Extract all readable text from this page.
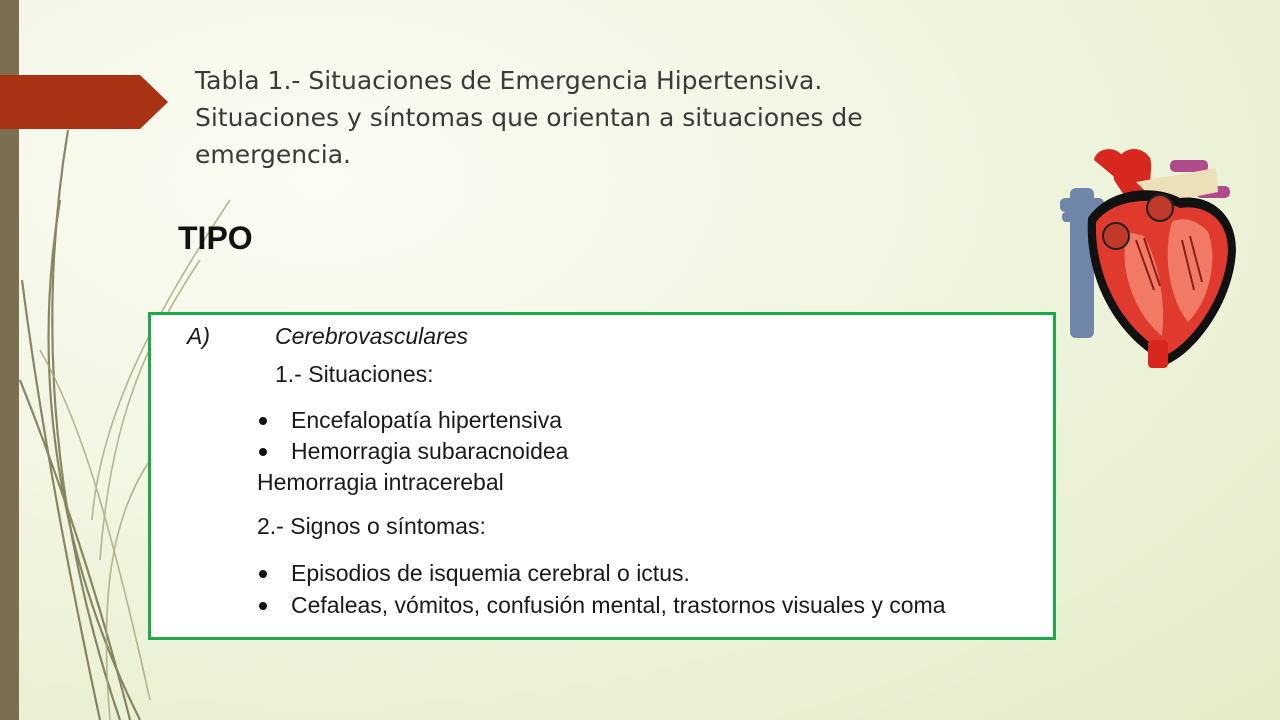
Tabla 1.- Situaciones de Emergencia Hipertensiva.
Situaciones y síntomas que orientan a situaciones de
emergencia.
TIPO
A)	Cerebrovasculares
1.- Situaciones:
Encefalopatía hipertensiva
Hemorragia subaracnoidea
Hemorragia intracerebal
2.- Signos o síntomas:
Episodios de isquemia cerebral o ictus.
Cefaleas, vómitos, confusión mental, trastornos visuales y coma
